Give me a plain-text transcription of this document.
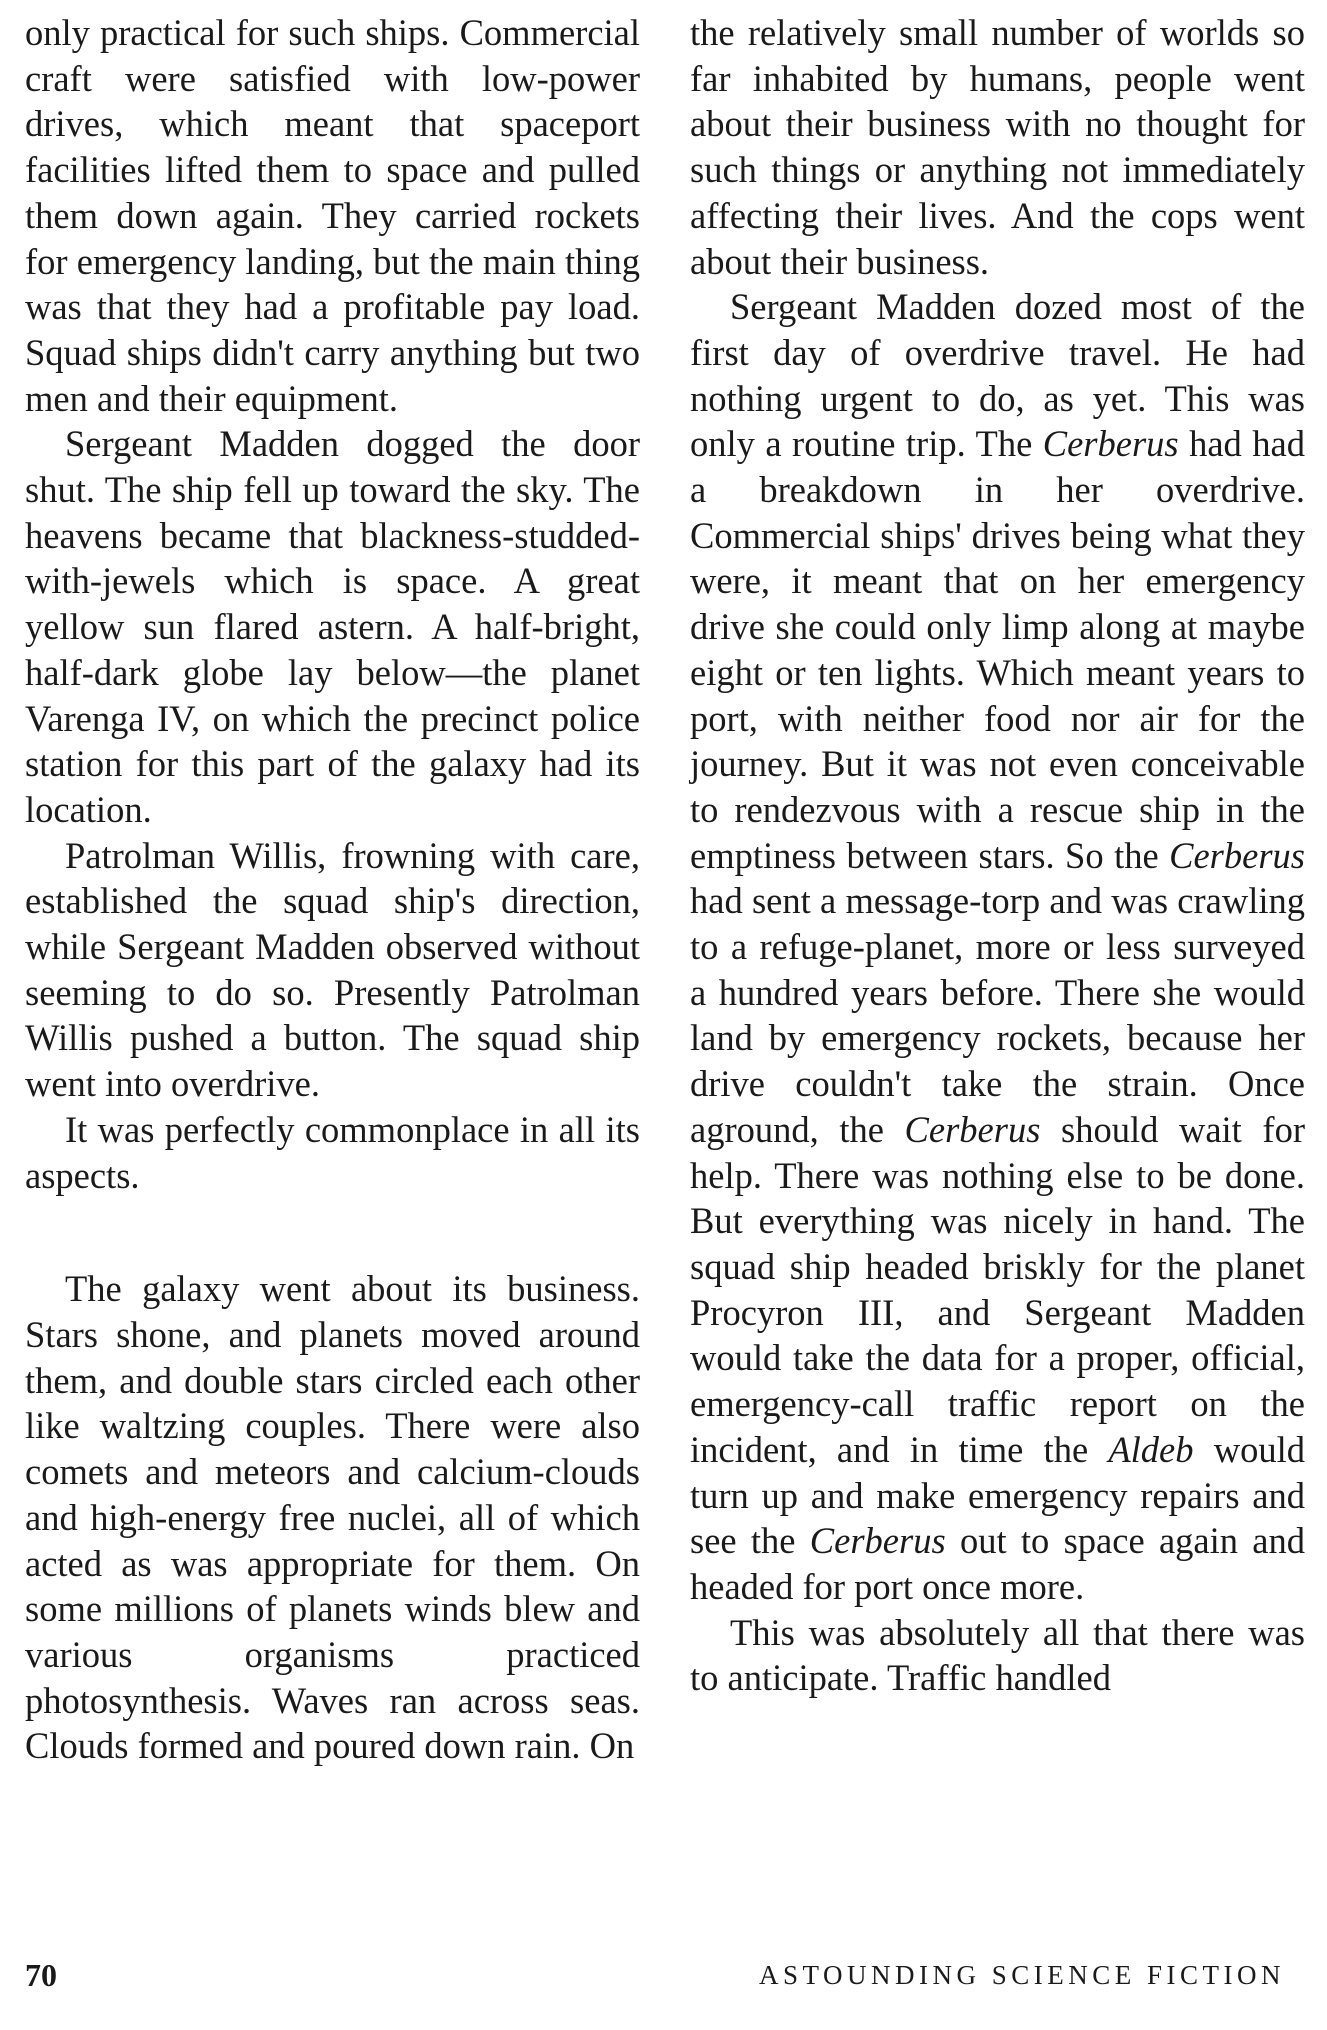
only practical for such ships. Commercial craft were satisfied with low-power drives, which meant that spaceport facilities lifted them to space and pulled them down again. They carried rockets for emergency landing, but the main thing was that they had a profitable pay load. Squad ships didn't carry anything but two men and their equipment.

Sergeant Madden dogged the door shut. The ship fell up toward the sky. The heavens became that blackness-studded-with-jewels which is space. A great yellow sun flared astern. A half-bright, half-dark globe lay below—the planet Varenga IV, on which the precinct police station for this part of the galaxy had its location.

Patrolman Willis, frowning with care, established the squad ship's direction, while Sergeant Madden observed without seeming to do so. Presently Patrolman Willis pushed a button. The squad ship went into overdrive.

It was perfectly commonplace in all its aspects.

The galaxy went about its business. Stars shone, and planets moved around them, and double stars circled each other like waltzing couples. There were also comets and meteors and calcium-clouds and high-energy free nuclei, all of which acted as was appropriate for them. On some millions of planets winds blew and various organisms practiced photosynthesis. Waves ran across seas. Clouds formed and poured down rain. On

the relatively small number of worlds so far inhabited by humans, people went about their business with no thought for such things or anything not immediately affecting their lives. And the cops went about their business.

Sergeant Madden dozed most of the first day of overdrive travel. He had nothing urgent to do, as yet. This was only a routine trip. The Cerberus had had a breakdown in her overdrive. Commercial ships' drives being what they were, it meant that on her emergency drive she could only limp along at maybe eight or ten lights. Which meant years to port, with neither food nor air for the journey. But it was not even conceivable to rendezvous with a rescue ship in the emptiness between stars. So the Cerberus had sent a message-torp and was crawling to a refuge-planet, more or less surveyed a hundred years before. There she would land by emergency rockets, because her drive couldn't take the strain. Once aground, the Cerberus should wait for help. There was nothing else to be done. But everything was nicely in hand. The squad ship headed briskly for the planet Procyron III, and Sergeant Madden would take the data for a proper, official, emergency-call traffic report on the incident, and in time the Aldeb would turn up and make emergency repairs and see the Cerberus out to space again and headed for port once more.

This was absolutely all that there was to anticipate. Traffic handled

70	ASTOUNDING SCIENCE FICTION
